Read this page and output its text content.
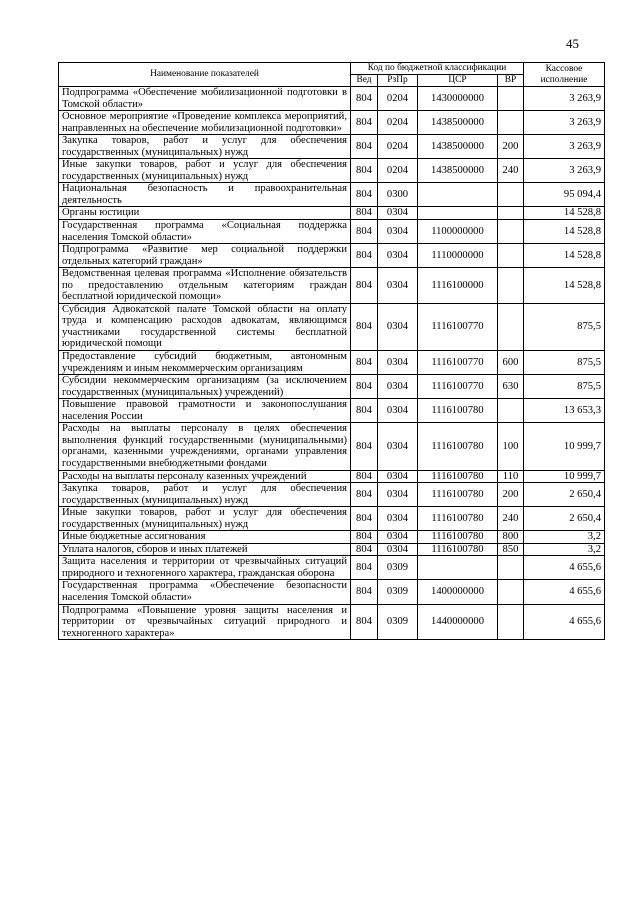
45
Наименование показателей	Код по бюджетной классификации				Кассовое исполнение
	Вед	РзПр	ЦСР	ВР	
Подпрограмма «Обеспечение мобилизационной подготовки в Томской области»	804	0204	1430000000		3 263,9
Основное мероприятие «Проведение комплекса мероприятий, направленных на обеспечение мобилизационной подготовки»	804	0204	1438500000		3 263,9
Закупка товаров, работ и услуг для обеспечения государственных (муниципальных) нужд	804	0204	1438500000	200	3 263,9
Иные закупки товаров, работ и услуг для обеспечения государственных (муниципальных) нужд	804	0204	1438500000	240	3 263,9
Национальная безопасность и правоохранительная деятельность	804	0300			95 094,4
Органы юстиции	804	0304			14 528,8
Государственная программа «Социальная поддержка населения Томской области»	804	0304	1100000000		14 528,8
Подпрограмма «Развитие мер социальной поддержки отдельных категорий граждан»	804	0304	1110000000		14 528,8
Ведомственная целевая программа «Исполнение обязательств по предоставлению отдельным категориям граждан бесплатной юридической помощи»	804	0304	1116100000		14 528,8
Субсидия Адвокатской палате Томской области на оплату труда и компенсацию расходов адвокатам, являющимся участниками государственной системы бесплатной юридической помощи	804	0304	1116100770		875,5
Предоставление субсидий бюджетным, автономным учреждениям и иным некоммерческим организациям	804	0304	1116100770	600	875,5
Субсидии некоммерческим организациям (за исключением государственных (муниципальных) учреждений)	804	0304	1116100770	630	875,5
Повышение правовой грамотности и законопослушания населения России	804	0304	1116100780		13 653,3
Расходы на выплаты персоналу в целях обеспечения выполнения функций государственными (муниципальными) органами, казенными учреждениями, органами управления государственными внебюджетными фондами	804	0304	1116100780	100	10 999,7
Расходы на выплаты персоналу казенных учреждений	804	0304	1116100780	110	10 999,7
Закупка товаров, работ и услуг для обеспечения государственных (муниципальных) нужд	804	0304	1116100780	200	2 650,4
Иные закупки товаров, работ и услуг для обеспечения государственных (муниципальных) нужд	804	0304	1116100780	240	2 650,4
Иные бюджетные ассигнования	804	0304	1116100780	800	3,2
Уплата налогов, сборов и иных платежей	804	0304	1116100780	850	3,2
Защита населения и территории от чрезвычайных ситуаций природного и техногенного характера, гражданская оборона	804	0309			4 655,6
Государственная программа «Обеспечение безопасности населения Томской области»	804	0309	1400000000		4 655,6
Подпрограмма «Повышение уровня защиты населения и территории от чрезвычайных ситуаций природного и техногенного характера»	804	0309	1440000000		4 655,6
